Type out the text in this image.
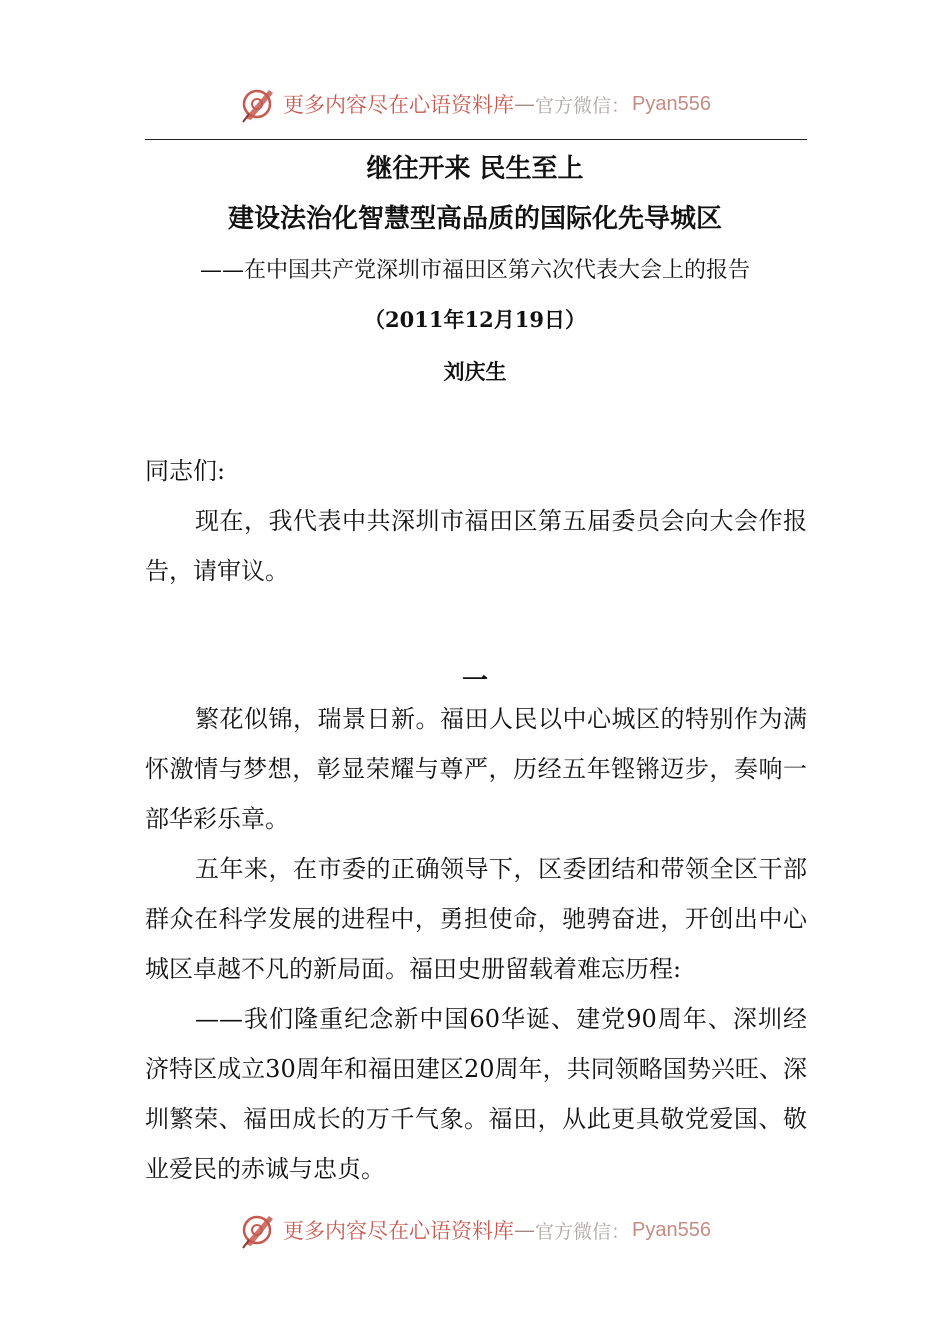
更多内容尽在心语资料库 — 官方微信： Pyan556
继往开来 民生至上
建设法治化智慧型高品质的国际化先导城区
——在中国共产党深圳市福田区第六次代表大会上的报告
（2011年12月19日）
刘庆生

同志们:

现在，我代表中共深圳市福田区第五届委员会向大会作报告，请审议。

一

繁花似锦，瑞景日新。福田人民以中心城区的特别作为满怀激情与梦想，彰显荣耀与尊严，历经五年铿锵迈步，奏响一部华彩乐章。

五年来，在市委的正确领导下，区委团结和带领全区干部群众在科学发展的进程中，勇担使命，驰骋奋进，开创出中心城区卓越不凡的新局面。福田史册留载着难忘历程:

——我们隆重纪念新中国60华诞、建党90周年、深圳经济特区成立30周年和福田建区20周年，共同领略国势兴旺、深圳繁荣、福田成长的万千气象。福田，从此更具敬党爱国、敬业爱民的赤诚与忠贞。

更多内容尽在心语资料库 — 官方微信： Pyan556
